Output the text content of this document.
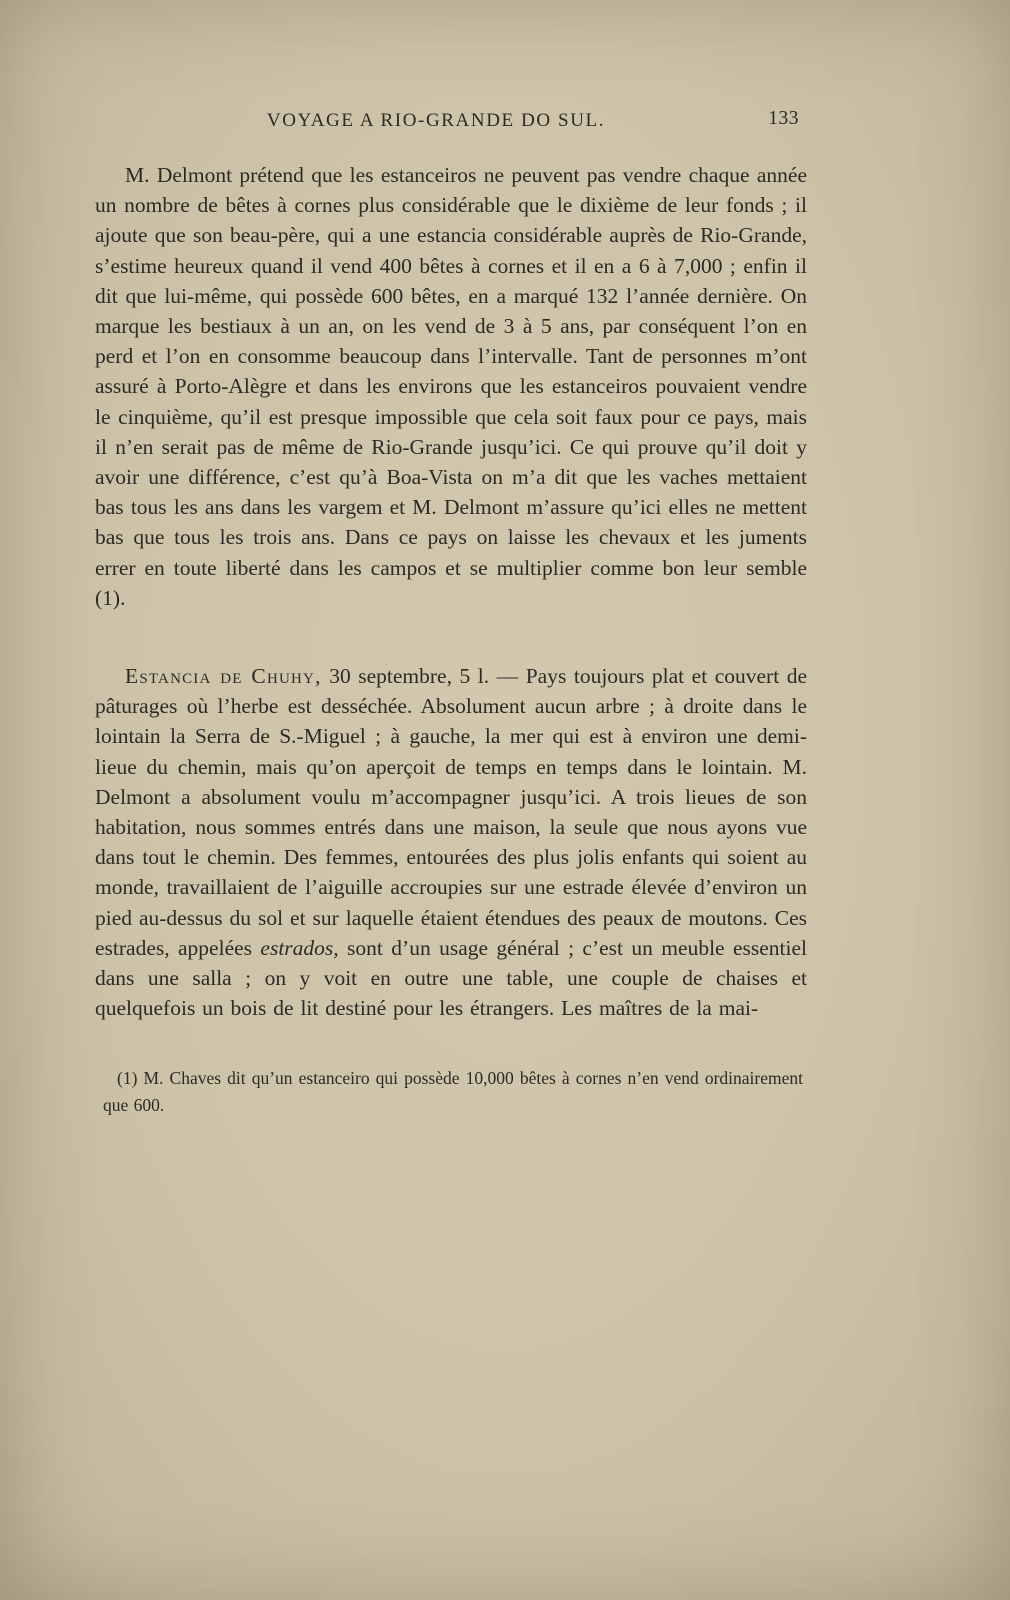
VOYAGE A RIO-GRANDE DO SUL.	133

M. Delmont prétend que les estanceiros ne peuvent pas vendre chaque année un nombre de bêtes à cornes plus considérable que le dixième de leur fonds ; il ajoute que son beau-père, qui a une estancia considérable auprès de Rio-Grande, s’estime heureux quand il vend 400 bêtes à cornes et il en a 6 à 7,000 ; enfin il dit que lui-même, qui possède 600 bêtes, en a marqué 132 l’année dernière. On marque les bestiaux à un an, on les vend de 3 à 5 ans, par conséquent l’on en perd et l’on en consomme beaucoup dans l’intervalle. Tant de personnes m’ont assuré à Porto-Alègre et dans les environs que les estanceiros pouvaient vendre le cinquième, qu’il est presque impossible que cela soit faux pour ce pays, mais il n’en serait pas de même de Rio-Grande jusqu’ici. Ce qui prouve qu’il doit y avoir une différence, c’est qu’à Boa-Vista on m’a dit que les vaches mettaient bas tous les ans dans les vargem et M. Delmont m’assure qu’ici elles ne mettent bas que tous les trois ans. Dans ce pays on laisse les chevaux et les juments errer en toute liberté dans les campos et se multiplier comme bon leur semble (1).

Estancia de Chuhy, 30 septembre, 5 l. — Pays toujours plat et couvert de pâturages où l’herbe est desséchée. Absolument aucun arbre ; à droite dans le lointain la Serra de S.-Miguel ; à gauche, la mer qui est à environ une demi-lieue du chemin, mais qu’on aperçoit de temps en temps dans le lointain. M. Delmont a absolument voulu m’accompagner jusqu’ici. A trois lieues de son habitation, nous sommes entrés dans une maison, la seule que nous ayons vue dans tout le chemin. Des femmes, entourées des plus jolis enfants qui soient au monde, travaillaient de l’aiguille accroupies sur une estrade élevée d’environ un pied au-dessus du sol et sur laquelle étaient étendues des peaux de moutons. Ces estrades, appelées estrados, sont d’un usage général ; c’est un meuble essentiel dans une salla ; on y voit en outre une table, une couple de chaises et quelquefois un bois de lit destiné pour les étrangers. Les maîtres de la mai-

(1) M. Chaves dit qu’un estanceiro qui possède 10,000 bêtes à cornes n’en vend ordinairement que 600.
